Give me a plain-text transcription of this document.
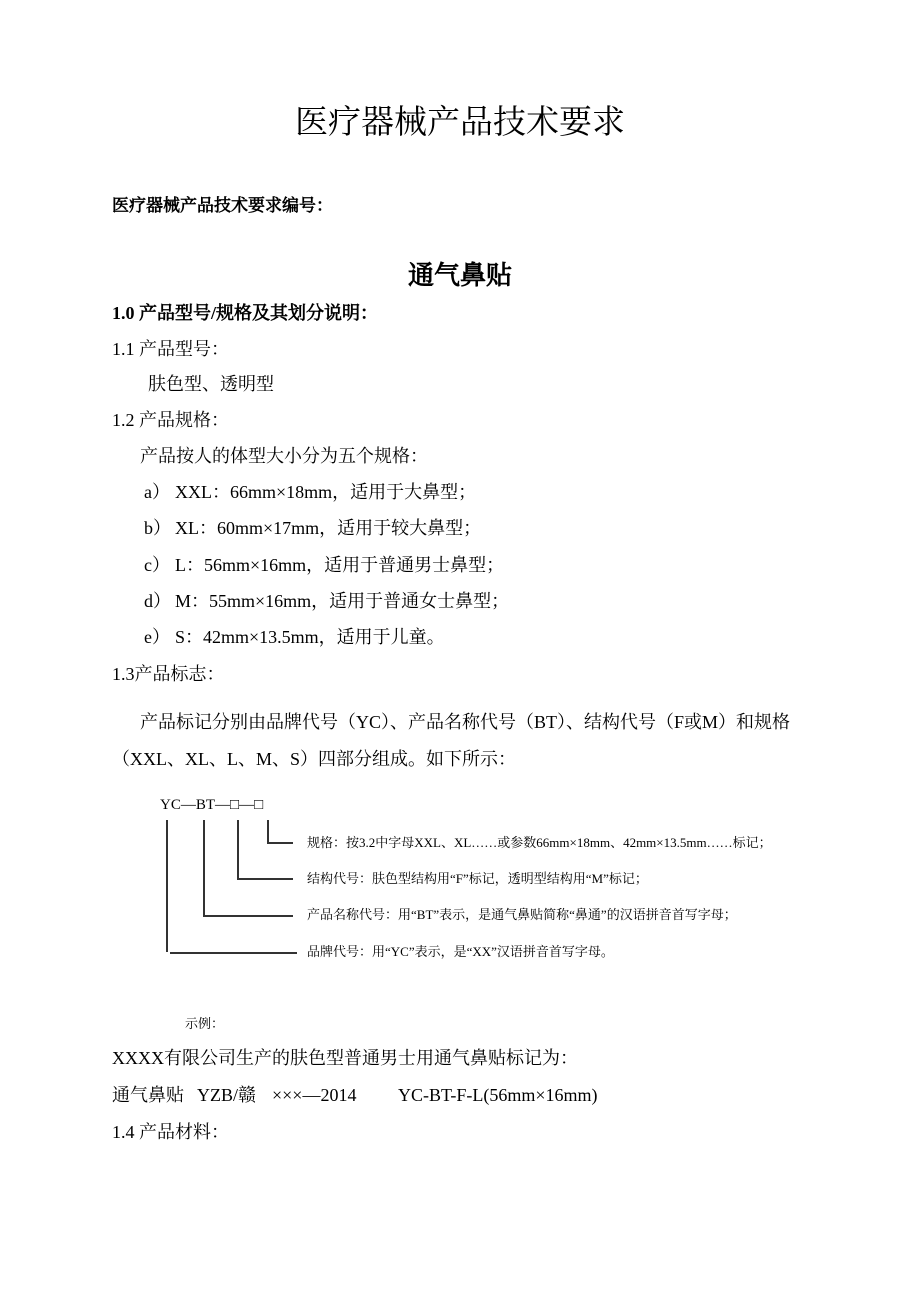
医疗器械产品技术要求
医疗器械产品技术要求编号：
通气鼻贴
1.0 产品型号/规格及其划分说明：
1.1 产品型号：
肤色型、透明型
1.2 产品规格：
产品按人的体型大小分为五个规格：
a） XXL：66mm×18mm，适用于大鼻型；
b） XL：60mm×17mm，适用于较大鼻型；
c） L：56mm×16mm，适用于普通男士鼻型；
d） M：55mm×16mm，适用于普通女士鼻型；
e） S：42mm×13.5mm，适用于儿童。
1.3产品标志：
产品标记分别由品牌代号（YC）、产品名称代号（BT）、结构代号（F或M）和规格
（XXL、XL、L、M、S）四部分组成。如下所示：
YC—BT—□—□
规格：按3.2中字母XXL、XL……或参数66mm×18mm、42mm×13.5mm……标记；
结构代号：肤色型结构用“F”标记，透明型结构用“M”标记；
产品名称代号：用“BT”表示，是通气鼻贴简称“鼻通”的汉语拼音首写字母；
品牌代号：用“YC”表示，是“XX”汉语拼音首写字母。
示例：
XXXX有限公司生产的肤色型普通男士用通气鼻贴标记为：
通气鼻贴 YZB/赣 ×××—2014 YC-BT-F-L(56mm×16mm)
1.4 产品材料：
